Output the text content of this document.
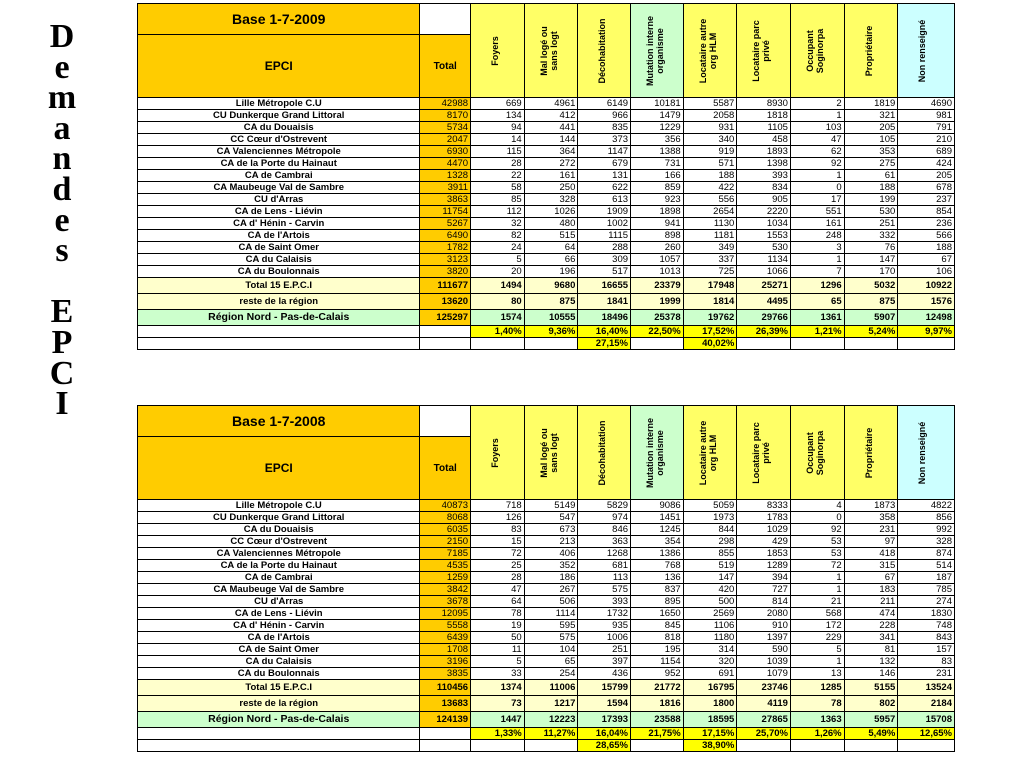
D
e
m
a
n
d
e
s
E
P
C
I
Base 1-7-2009		Foyers	Mal logé ou sans logt	Décohabitation	Mutation interne organisme	Locataire autre org HLM	Locataire parc privé	Occupant Soginorpa	Propriétaire	Non renseigné

EPCI	Total									
Lille Métropole C.U	42988	669	4961	6149	10181	5587	8930	2	1819	4690
CU Dunkerque Grand Littoral	8170	134	412	966	1479	2058	1818	1	321	981
CA du Douaisis	5734	94	441	835	1229	931	1105	103	205	791
CC Cœur d'Ostrevent	2047	14	144	373	356	340	458	47	105	210
CA Valenciennes Métropole	6930	115	364	1147	1388	919	1893	62	353	689
CA de la Porte du Hainaut	4470	28	272	679	731	571	1398	92	275	424
CA de Cambrai	1328	22	161	131	166	188	393	1	61	205
CA Maubeuge Val de Sambre	3911	58	250	622	859	422	834	0	188	678
CU d'Arras	3863	85	328	613	923	556	905	17	199	237
CA de Lens - Liévin	11754	112	1026	1909	1898	2654	2220	551	530	854
CA d' Hénin - Carvin	5267	32	480	1002	941	1130	1034	161	251	236
CA de l'Artois	6490	82	515	1115	898	1181	1553	248	332	566
CA de Saint Omer	1782	24	64	288	260	349	530	3	76	188
CA du Calaisis	3123	5	66	309	1057	337	1134	1	147	67
CA du Boulonnais	3820	20	196	517	1013	725	1066	7	170	106
Total 15 E.P.C.I	111677	1494	9680	16655	23379	17948	25271	1296	5032	10922
reste de la région	13620	80	875	1841	1999	1814	4495	65	875	1576
Région Nord - Pas-de-Calais	125297	1574	10555	18496	25378	19762	29766	1361	5907	12498
		1,40%	9,36%	16,40%	22,50%	17,52%	26,39%	1,21%	5,24%	9,97%
				27,15%		40,02%				
Base 1-7-2008		Foyers	Mal logé ou sans logt	Décohabitation	Mutation interne organisme	Locataire autre org HLM	Locataire parc privé	Occupant Soginorpa	Propriétaire	Non renseigné

EPCI	Total									
Lille Métropole C.U	40873	718	5149	5829	9086	5059	8333	4	1873	4822
CU Dunkerque Grand Littoral	8068	126	547	974	1451	1973	1783	0	358	856
CA du Douaisis	6035	83	673	846	1245	844	1029	92	231	992
CC Cœur d'Ostrevent	2150	15	213	363	354	298	429	53	97	328
CA Valenciennes Métropole	7185	72	406	1268	1386	855	1853	53	418	874
CA de la Porte du Hainaut	4535	25	352	681	768	519	1289	72	315	514
CA de Cambrai	1259	28	186	113	136	147	394	1	67	187
CA Maubeuge Val de Sambre	3842	47	267	575	837	420	727	1	183	785
CU d'Arras	3678	64	506	393	895	500	814	21	211	274
CA de Lens - Liévin	12095	78	1114	1732	1650	2569	2080	568	474	1830
CA d' Hénin - Carvin	5558	19	595	935	845	1106	910	172	228	748
CA de l'Artois	6439	50	575	1006	818	1180	1397	229	341	843
CA de Saint Omer	1708	11	104	251	195	314	590	5	81	157
CA du Calaisis	3196	5	65	397	1154	320	1039	1	132	83
CA du Boulonnais	3835	33	254	436	952	691	1079	13	146	231
Total 15 E.P.C.I	110456	1374	11006	15799	21772	16795	23746	1285	5155	13524
reste de la région	13683	73	1217	1594	1816	1800	4119	78	802	2184
Région Nord - Pas-de-Calais	124139	1447	12223	17393	23588	18595	27865	1363	5957	15708
		1,33%	11,27%	16,04%	21,75%	17,15%	25,70%	1,26%	5,49%	12,65%
				28,65%		38,90%				
